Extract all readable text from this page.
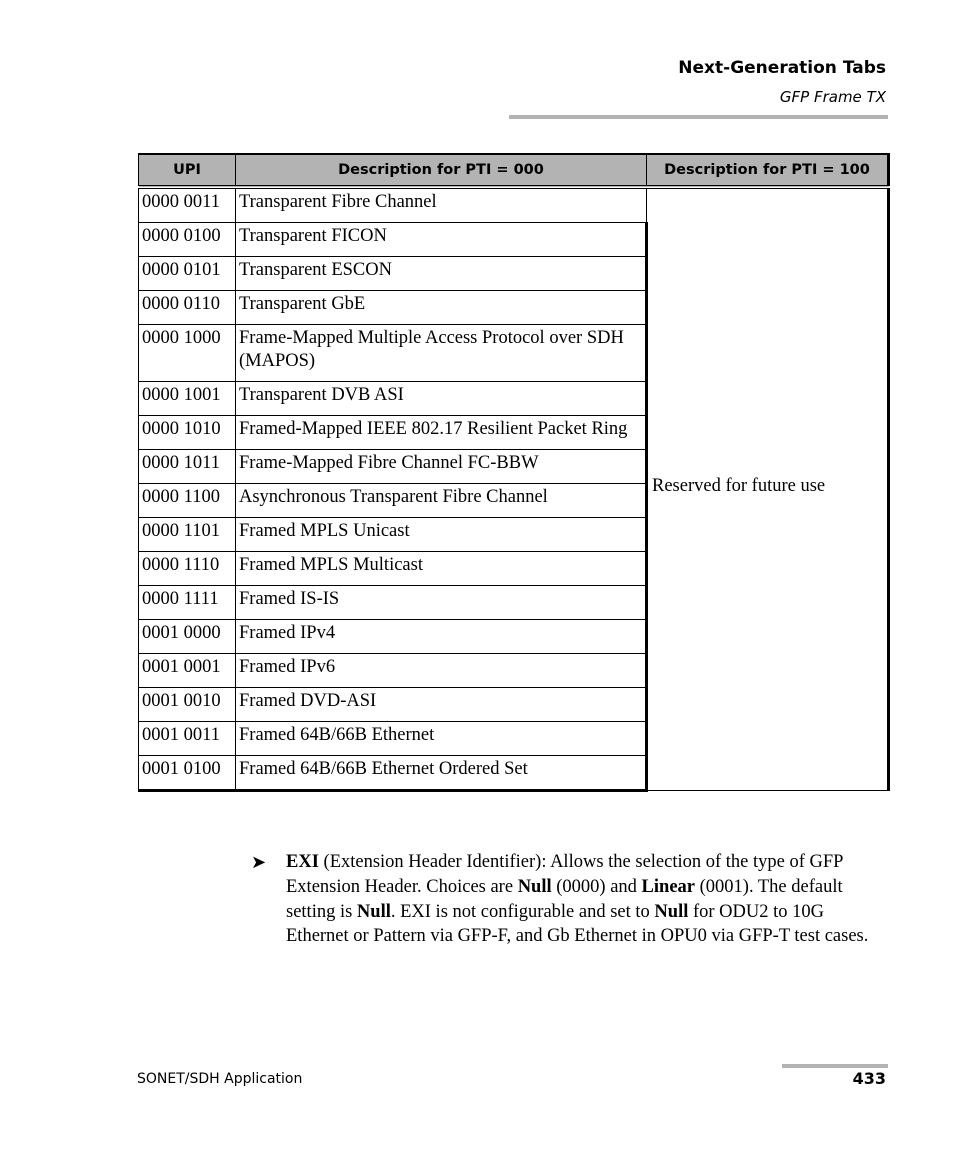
Next-Generation Tabs
GFP Frame TX
UPI	Description for PTI = 000	Description for PTI = 100
0000 0011	Transparent Fibre Channel	Reserved for future use
0000 0100	Transparent FICON	
0000 0101	Transparent ESCON	
0000 0110	Transparent GbE	
0000 1000	Frame-Mapped Multiple Access Protocol over SDH (MAPOS)	
0000 1001	Transparent DVB ASI	
0000 1010	Framed-Mapped IEEE 802.17 Resilient Packet Ring	
0000 1011	Frame-Mapped Fibre Channel FC-BBW	
0000 1100	Asynchronous Transparent Fibre Channel	
0000 1101	Framed MPLS Unicast	
0000 1110	Framed MPLS Multicast	
0000 1111	Framed IS-IS	
0001 0000	Framed IPv4	
0001 0001	Framed IPv6	
0001 0010	Framed DVD-ASI	
0001 0011	Framed 64B/66B Ethernet	
0001 0100	Framed 64B/66B Ethernet Ordered Set	
➤ EXI (Extension Header Identifier): Allows the selection of the type of GFP Extension Header. Choices are Null (0000) and Linear (0001). The default setting is Null. EXI is not configurable and set to Null for ODU2 to 10G Ethernet or Pattern via GFP-F, and Gb Ethernet in OPU0 via GFP-T test cases.
SONET/SDH Application	433
